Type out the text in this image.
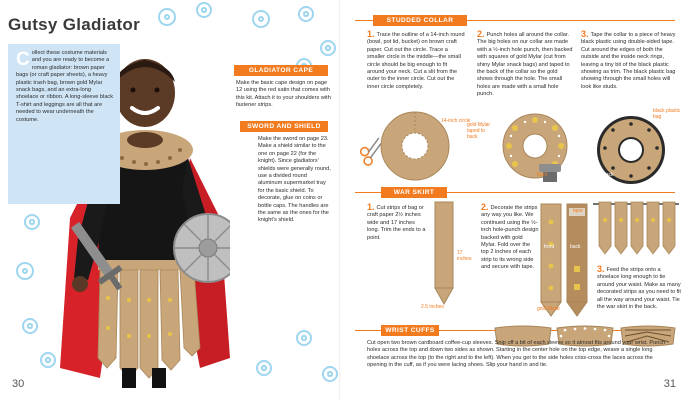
Gutsy Gladiator
Collect these costume materials and you are ready to become a roman gladiator: brown paper bags (or craft paper sheets), a heavy plastic trash bag, brown gold Mylar snack bags, and an extra-long shoelace or ribbon. A long-sleeve black T-shirt and leggings are all that are needed to wear underneath the costume.
GLADIATOR CAPE
Make the basic cape design on page 12 using the red satin that comes with this kit. Attach it to your shoulders with fastener strips.
SWORD AND SHIELD
Make the sword on page 23. Make a shield similar to the one on page 22 (for the knight). Since gladiators' shields were generally round, use a divided round aluminum supermarket tray for the basic shield. To decorate, glue on coins or bottle caps. The handles are the same as the ones for the knight's shield.
30
STUDDED COLLAR
1. Trace the outline of a 14-inch round (bowl, pot lid, bucket) on brown craft paper. Cut out the circle. Trace a smaller circle in the middle—the small circle should be big enough to fit around your neck. Cut a slit from the outer to the inner circle. Cut out the inner circle completely.
2. Punch holes all around the collar. The big holes on our collar are made with a ½-inch hole punch, then backed with squares of gold Mylar (cut from shiny Mylar snack bags) and taped to the back of the collar so the gold shows through the hole. The small holes are made with a small hole punch.
3. Tape the collar to a piece of heavy black plastic using double-sided tape. Cut around the edges of both the outside and the inside neck rings, leaving a tiny bit of the black plastic showing as trim. The black plastic bag showing through the small holes will look like studs.
14-inch circle
gold Mylar taped to back
front
black plastic bag
back
WAR SKIRT
1. Cut strips of bag or craft paper 2½ inches wide and 17 inches long. Trim the ends to a point.
17 inches
2.5 inches
2. Decorate the strips any way you like. We continued using the ½-inch hole-punch design backed with gold Mylar. Fold over the top 2 inches of each strip to its wrong side and secure with tape.
tape
front	back
gold Mylar
3. Feed the strips onto a shoelace long enough to tie around your waist. Make as many decorated strips as you need to fit all the way around your waist. Tie the war skirt in the back.
WRIST CUFFS
Cut open two brown cardboard coffee-cup sleeves. Snip off a bit of each sleeve so it almost fits around your wrist. Punch holes across the top and down two sides as shown. Starting in the center hole on the top edge, weave a single long shoelace across the top (to the right and to the left). When you get to the side holes criss-cross the laces across the opening in the cuff, as if you were lacing shoes. Slip your hand in and tie.
31
